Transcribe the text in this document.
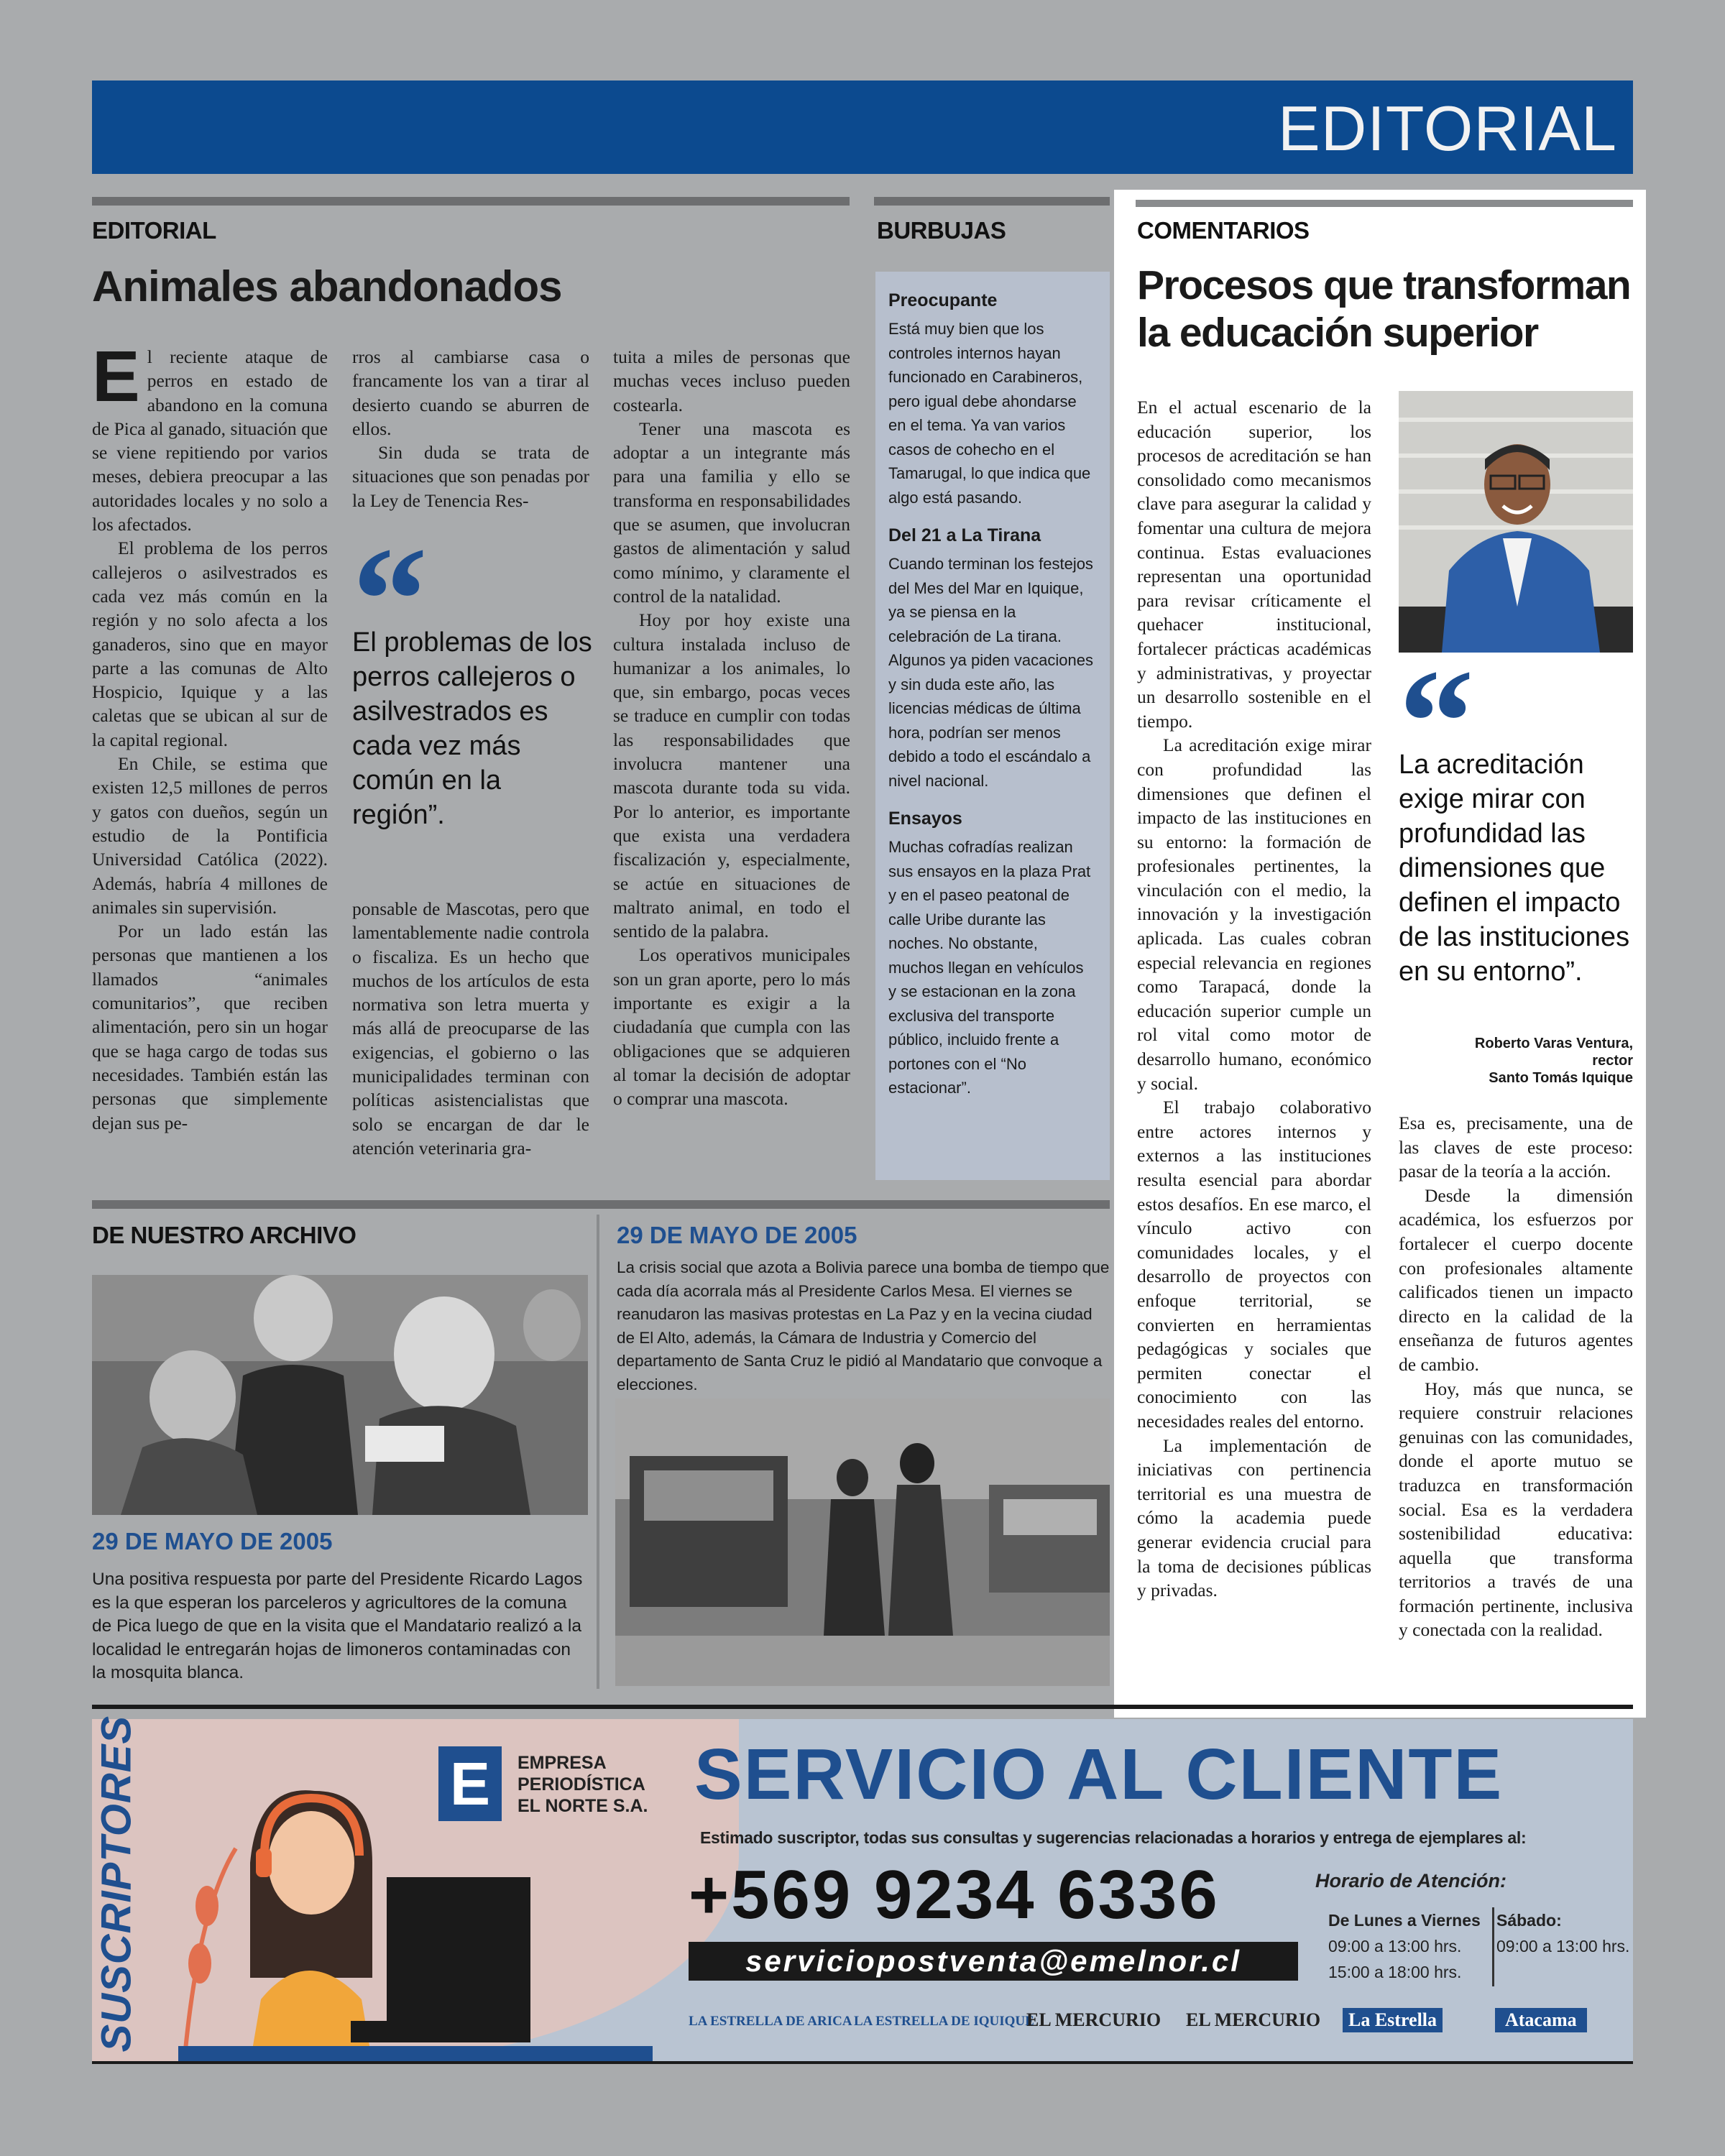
EDITORIAL
EDITORIAL
Animales abandonados

El reciente ataque de perros en estado de abandono en la comuna de Pica al ganado, situación que se viene repitiendo por varios meses, debiera preocupar a las autoridades locales y no solo a los afectados.

El problema de los perros callejeros o asilvestrados es cada vez más común en la región y no solo afecta a los ganaderos, sino que en mayor parte a las comunas de Alto Hospicio, Iquique y a las caletas que se ubican al sur de la capital regional.

En Chile, se estima que existen 12,5 millones de perros y gatos con dueños, según un estudio de la Pontificia Universidad Católica (2022). Además, habría 4 millones de animales sin supervisión.

Por un lado están las personas que mantienen a los llamados “animales comunitarios”, que reciben alimentación, pero sin un hogar que se haga cargo de todas sus necesidades. También están las personas que simplemente dejan sus pe-

rros al cambiarse casa o francamente los van a tirar al desierto cuando se aburren de ellos.

Sin duda se trata de situaciones que son penadas por la Ley de Tenencia Res-

El problemas de los perros callejeros o asilvestrados es cada vez más común en la región”.

ponsable de Mascotas, pero que lamentablemente nadie controla o fiscaliza. Es un hecho que muchos de los artículos de esta normativa son letra muerta y más allá de preocuparse de las exigencias, el gobierno o las municipalidades terminan con políticas asistencialistas que solo se encargan de dar le atención veterinaria gra-

tuita a miles de personas que muchas veces incluso pueden costearla.

Tener una mascota es adoptar a un integrante más para una familia y ello se transforma en responsabilidades que se asumen, que involucran gastos de alimentación y salud como mínimo, y claramente el control de la natalidad.

Hoy por hoy existe una cultura instalada incluso de humanizar a los animales, lo que, sin embargo, pocas veces se traduce en cumplir con todas las responsabilidades que involucra mantener una mascota durante toda su vida. Por lo anterior, es importante que exista una verdadera fiscalización y, especialmente, se actúe en situaciones de maltrato animal, en todo el sentido de la palabra.

Los operativos municipales son un gran aporte, pero lo más importante es exigir a la ciudadanía que cumpla con las obligaciones que se adquieren al tomar la decisión de adoptar o comprar una mascota.

BURBUJAS
Preocupante

Está muy bien que los controles internos hayan funcionado en Carabineros, pero igual debe ahondarse en el tema. Ya van varios casos de cohecho en el Tamarugal, lo que indica que algo está pasando.

Del 21 a La Tirana

Cuando terminan los festejos del Mes del Mar en Iquique, ya se piensa en la celebración de La tirana. Algunos ya piden vacaciones y sin duda este año, las licencias médicas de última hora, podrían ser menos debido a todo el escándalo a nivel nacional.

Ensayos

Muchas cofradías realizan sus ensayos en la plaza Prat y en el paseo peatonal de calle Uribe durante las noches. No obstante, muchos llegan en vehículos y se estacionan en la zona exclusiva del transporte público, incluido frente a portones con el “No estacionar”.

COMENTARIOS
Procesos que transforman la educación superior

En el actual escenario de la educación superior, los procesos de acreditación se han consolidado como mecanismos clave para asegurar la calidad y fomentar una cultura de mejora continua. Estas evaluaciones representan una oportunidad para revisar críticamente el quehacer institucional, fortalecer prácticas académicas y administrativas, y proyectar un desarrollo sostenible en el tiempo.

La acreditación exige mirar con profundidad las dimensiones que definen el impacto de las instituciones en su entorno: la formación de profesionales pertinentes, la vinculación con el medio, la innovación y la investigación aplicada. Las cuales cobran especial relevancia en regiones como Tarapacá, donde la educación superior cumple un rol vital como motor de desarrollo humano, económico y social.

El trabajo colaborativo entre actores internos y externos a las instituciones resulta esencial para abordar estos desafíos. En ese marco, el vínculo activo con comunidades locales, y el desarrollo de proyectos con enfoque territorial, se convierten en herramientas pedagógicas y sociales que permiten conectar el conocimiento con las necesidades reales del entorno.

La implementación de iniciativas con pertinencia territorial es una muestra de cómo la academia puede generar evidencia crucial para la toma de decisiones públicas y privadas.

La acreditación exige mirar con profundidad las dimensiones que definen el impacto de las instituciones en su entorno”.
Roberto Varas Ventura,
rector
Santo Tomás Iquique

Esa es, precisamente, una de las claves de este proceso: pasar de la teoría a la acción.

Desde la dimensión académica, los esfuerzos por fortalecer el cuerpo docente con profesionales altamente calificados tienen un impacto directo en la calidad de la enseñanza de futuros agentes de cambio.

Hoy, más que nunca, se requiere construir relaciones genuinas con las comunidades, donde el aporte mutuo se traduzca en transformación social. Esa es la verdadera sostenibilidad educativa: aquella que transforma territorios a través de una formación pertinente, inclusiva y conectada con la realidad.

DE NUESTRO ARCHIVO
29 DE MAYO DE 2005
Una positiva respuesta por parte del Presidente Ricardo Lagos es la que esperan los parceleros y agricultores de la comuna de Pica luego de que en la visita que el Mandatario realizó a la localidad le entregarán hojas de limoneros contaminadas con la mosquita blanca.
29 DE MAYO DE 2005
La crisis social que azota a Bolivia parece una bomba de tiempo que cada día acorrala más al Presidente Carlos Mesa. El viernes se reanudaron las masivas protestas en La Paz y en la vecina ciudad de El Alto, además, la Cámara de Industria y Comercio del departamento de Santa Cruz le pidió al Mandatario que convoque a elecciones.
SUSCRIPTORES	E	EMPRESA
PERIODÍSTICA
EL NORTE S.A. SERVICIO AL CLIENTE
Estimado suscriptor, todas sus consultas y sugerencias relacionadas a horarios y entrega de ejemplares al:
+569 9234 6336
serviciopostventa@emelnor.cl
Horario de Atención:
De Lunes a Viernes
09:00 a 13:00 hrs.
15:00 a 18:00 hrs.
Sábado:
09:00 a 13:00 hrs.
LA ESTRELLA DE ARICA LA ESTRELLA DE IQUIQUE
EL MERCURIO EL MERCURIO	La Estrella	Atacama
